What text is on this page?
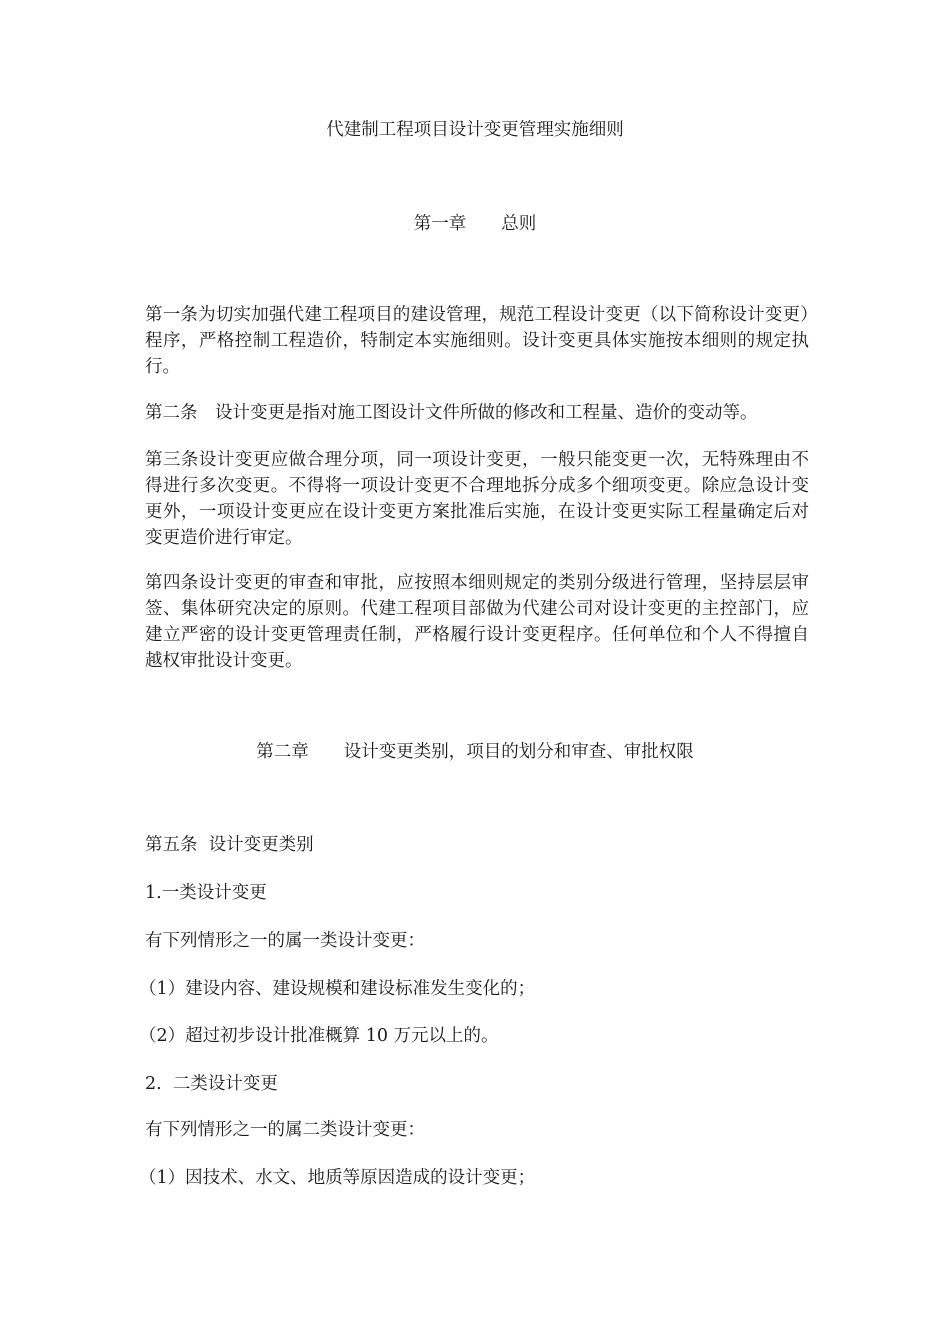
代建制工程项目设计变更管理实施细则
第一章　　总则
第一条为切实加强代建工程项目的建设管理，规范工程设计变更（以下简称设计变更）程序，严格控制工程造价，特制定本实施细则。设计变更具体实施按本细则的规定执行。
第二条　设计变更是指对施工图设计文件所做的修改和工程量、造价的变动等。
第三条设计变更应做合理分项，同一项设计变更，一般只能变更一次，无特殊理由不得进行多次变更。不得将一项设计变更不合理地拆分成多个细项变更。除应急设计变更外，一项设计变更应在设计变更方案批准后实施，在设计变更实际工程量确定后对变更造价进行审定。
第四条设计变更的审查和审批，应按照本细则规定的类别分级进行管理，坚持层层审签、集体研究决定的原则。代建工程项目部做为代建公司对设计变更的主控部门，应建立严密的设计变更管理责任制，严格履行设计变更程序。任何单位和个人不得擅自越权审批设计变更。
第二章　　设计变更类别，项目的划分和审查、审批权限
第五条  设计变更类别
1.一类设计变更
有下列情形之一的属一类设计变更：
（1）建设内容、建设规模和建设标准发生变化的；
（2）超过初步设计批准概算 10 万元以上的。
2.  二类设计变更
有下列情形之一的属二类设计变更：
（1）因技术、水文、地质等原因造成的设计变更；
